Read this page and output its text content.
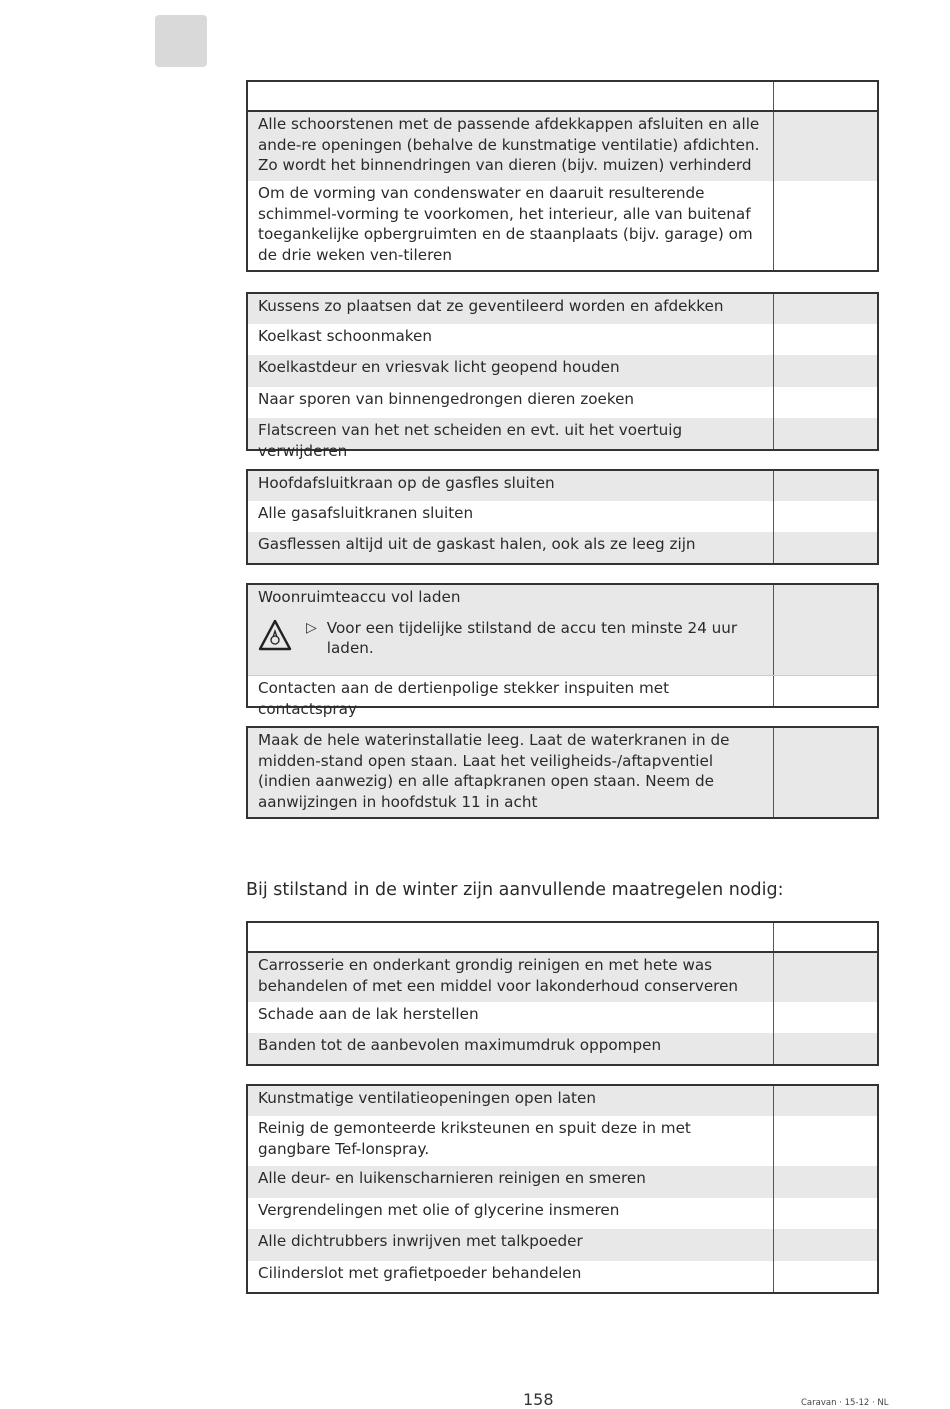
Alle schoorstenen met de passende afdekkappen afsluiten en alle ande-re openingen (behalve de kunstmatige ventilatie) afdichten. Zo wordt het binnendringen van dieren (bijv. muizen) verhinderd
Om de vorming van condenswater en daaruit resulterende schimmel-vorming te voorkomen, het interieur, alle van buitenaf toegankelijke opbergruimten en de staanplaats (bijv. garage) om de drie weken ven-tileren
Kussens zo plaatsen dat ze geventileerd worden en afdekken
Koelkast schoonmaken
Koelkastdeur en vriesvak licht geopend houden
Naar sporen van binnengedrongen dieren zoeken
Flatscreen van het net scheiden en evt. uit het voertuig verwijderen
Hoofdafsluitkraan op de gasfles sluiten
Alle gasafsluitkranen sluiten
Gasflessen altijd uit de gaskast halen, ook als ze leeg zijn
Woonruimteaccu vol laden
▷ Voor een tijdelijke stilstand de accu ten minste 24 uur laden.
Contacten aan de dertienpolige stekker inspuiten met contactspray
Maak de hele waterinstallatie leeg. Laat de waterkranen in de midden-stand open staan. Laat het veiligheids-/aftapventiel (indien aanwezig) en alle aftapkranen open staan. Neem de aanwijzingen in hoofdstuk 11 in acht
Bij stilstand in de winter zijn aanvullende maatregelen nodig:
Carrosserie en onderkant grondig reinigen en met hete was behandelen of met een middel voor lakonderhoud conserveren
Schade aan de lak herstellen
Banden tot de aanbevolen maximumdruk oppompen
Kunstmatige ventilatieopeningen open laten
Reinig de gemonteerde kriksteunen en spuit deze in met gangbare Tef-lonspray.
Alle deur- en luikenscharnieren reinigen en smeren
Vergrendelingen met olie of glycerine insmeren
Alle dichtrubbers inwrijven met talkpoeder
Cilinderslot met grafietpoeder behandelen
158	Caravan · 15-12 · NL
